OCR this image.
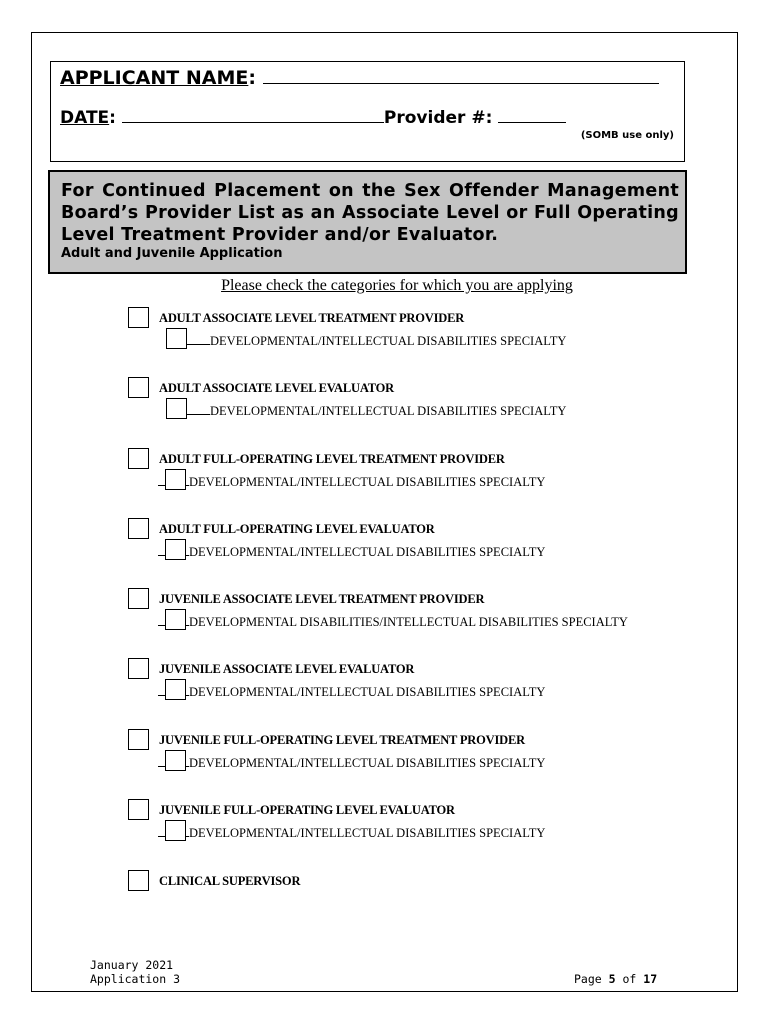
APPLICANT NAME:
DATE:	Provider #:
(SOMB use only)
For Continued Placement on the Sex Offender Management Board’s Provider List as an Associate Level or Full Operating Level Treatment Provider and/or Evaluator.
Adult and Juvenile Application
Please check the categories for which you are applying
ADULT ASSOCIATE LEVEL TREATMENT PROVIDER
DEVELOPMENTAL/INTELLECTUAL DISABILITIES SPECIALTY
ADULT ASSOCIATE LEVEL EVALUATOR
DEVELOPMENTAL/INTELLECTUAL DISABILITIES SPECIALTY
ADULT FULL-OPERATING LEVEL TREATMENT PROVIDER
DEVELOPMENTAL/INTELLECTUAL DISABILITIES SPECIALTY
ADULT FULL-OPERATING LEVEL EVALUATOR
DEVELOPMENTAL/INTELLECTUAL DISABILITIES SPECIALTY
JUVENILE ASSOCIATE LEVEL TREATMENT PROVIDER
DEVELOPMENTAL DISABILITIES/INTELLECTUAL DISABILITIES SPECIALTY
JUVENILE ASSOCIATE LEVEL EVALUATOR
DEVELOPMENTAL/INTELLECTUAL DISABILITIES SPECIALTY
JUVENILE FULL-OPERATING LEVEL TREATMENT PROVIDER
DEVELOPMENTAL/INTELLECTUAL DISABILITIES SPECIALTY
JUVENILE FULL-OPERATING LEVEL EVALUATOR
DEVELOPMENTAL/INTELLECTUAL DISABILITIES SPECIALTY
CLINICAL SUPERVISOR
January 2021
Application 3	Page 5 of 17
